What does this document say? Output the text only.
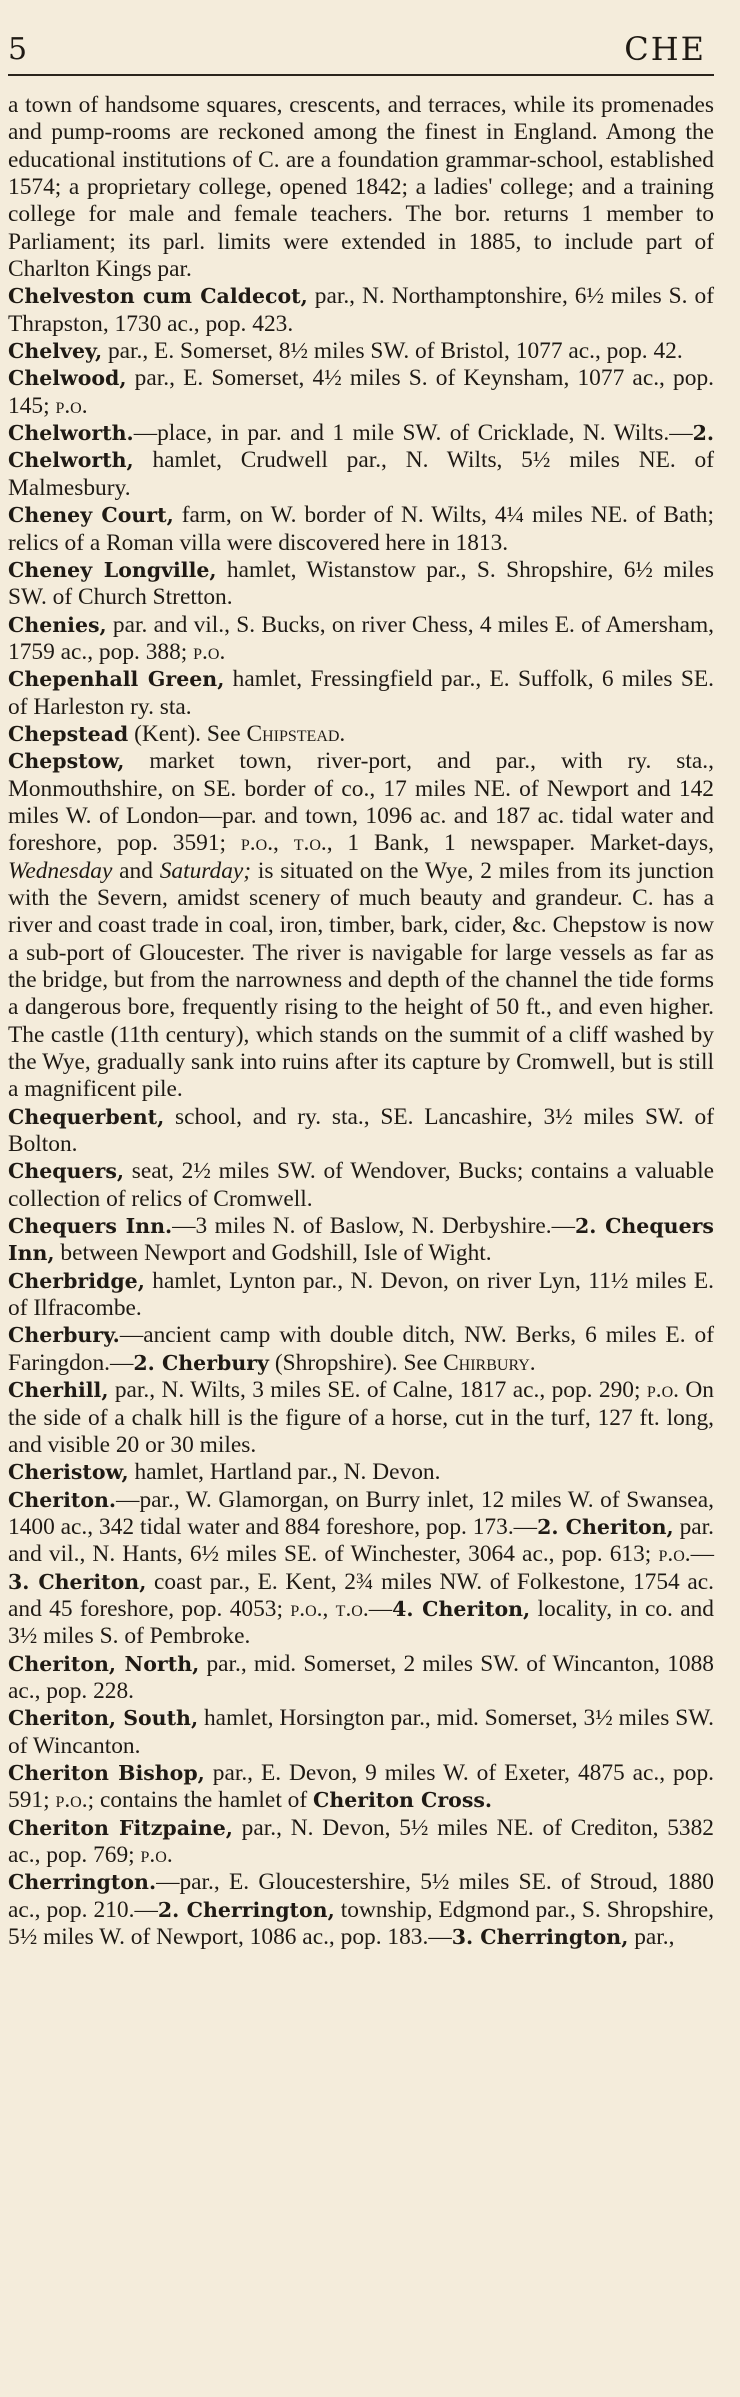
5	CHE

a town of handsome squares, crescents, and terraces, while its promenades and pump-rooms are reckoned among the finest in England. Among the educational institutions of C. are a foundation grammar-school, established 1574; a proprietary college, opened 1842; a ladies' college; and a training college for male and female teachers. The bor. returns 1 member to Parliament; its parl. limits were extended in 1885, to include part of Charlton Kings par.

Chelveston cum Caldecot, par., N. Northamptonshire, 6½ miles S. of Thrapston, 1730 ac., pop. 423.

Chelvey, par., E. Somerset, 8½ miles SW. of Bristol, 1077 ac., pop. 42.

Chelwood, par., E. Somerset, 4½ miles S. of Keynsham, 1077 ac., pop. 145; p.o.

Chelworth.—place, in par. and 1 mile SW. of Cricklade, N. Wilts.—2. Chelworth, hamlet, Crudwell par., N. Wilts, 5½ miles NE. of Malmesbury.

Cheney Court, farm, on W. border of N. Wilts, 4¼ miles NE. of Bath; relics of a Roman villa were discovered here in 1813.

Cheney Longville, hamlet, Wistanstow par., S. Shropshire, 6½ miles SW. of Church Stretton.

Chenies, par. and vil., S. Bucks, on river Chess, 4 miles E. of Amersham, 1759 ac., pop. 388; p.o.

Chepenhall Green, hamlet, Fressingfield par., E. Suffolk, 6 miles SE. of Harleston ry. sta.

Chepstead (Kent). See Chipstead.

Chepstow, market town, river-port, and par., with ry. sta., Monmouthshire, on SE. border of co., 17 miles NE. of Newport and 142 miles W. of London—par. and town, 1096 ac. and 187 ac. tidal water and foreshore, pop. 3591; p.o., t.o., 1 Bank, 1 newspaper. Market-days, Wednesday and Saturday; is situated on the Wye, 2 miles from its junction with the Severn, amidst scenery of much beauty and grandeur. C. has a river and coast trade in coal, iron, timber, bark, cider, &c. Chepstow is now a sub-port of Gloucester. The river is navigable for large vessels as far as the bridge, but from the narrowness and depth of the channel the tide forms a dangerous bore, frequently rising to the height of 50 ft., and even higher. The castle (11th century), which stands on the summit of a cliff washed by the Wye, gradually sank into ruins after its capture by Cromwell, but is still a magnificent pile.

Chequerbent, school, and ry. sta., SE. Lancashire, 3½ miles SW. of Bolton.

Chequers, seat, 2½ miles SW. of Wendover, Bucks; contains a valuable collection of relics of Cromwell.

Chequers Inn.—3 miles N. of Baslow, N. Derbyshire.—2. Chequers Inn, between Newport and Godshill, Isle of Wight.

Cherbridge, hamlet, Lynton par., N. Devon, on river Lyn, 11½ miles E. of Ilfracombe.

Cherbury.—ancient camp with double ditch, NW. Berks, 6 miles E. of Faringdon.—2. Cherbury (Shropshire). See Chirbury.

Cherhill, par., N. Wilts, 3 miles SE. of Calne, 1817 ac., pop. 290; p.o. On the side of a chalk hill is the figure of a horse, cut in the turf, 127 ft. long, and visible 20 or 30 miles.

Cheristow, hamlet, Hartland par., N. Devon.

Cheriton.—par., W. Glamorgan, on Burry inlet, 12 miles W. of Swansea, 1400 ac., 342 tidal water and 884 foreshore, pop. 173.—2. Cheriton, par. and vil., N. Hants, 6½ miles SE. of Winchester, 3064 ac., pop. 613; p.o.—3. Cheriton, coast par., E. Kent, 2¾ miles NW. of Folkestone, 1754 ac. and 45 foreshore, pop. 4053; p.o., t.o.—4. Cheriton, locality, in co. and 3½ miles S. of Pembroke.

Cheriton, North, par., mid. Somerset, 2 miles SW. of Wincanton, 1088 ac., pop. 228.

Cheriton, South, hamlet, Horsington par., mid. Somerset, 3½ miles SW. of Wincanton.

Cheriton Bishop, par., E. Devon, 9 miles W. of Exeter, 4875 ac., pop. 591; p.o.; contains the hamlet of Cheriton Cross.

Cheriton Fitzpaine, par., N. Devon, 5½ miles NE. of Crediton, 5382 ac., pop. 769; p.o.

Cherrington.—par., E. Gloucestershire, 5½ miles SE. of Stroud, 1880 ac., pop. 210.—2. Cherrington, township, Edgmond par., S. Shropshire, 5½ miles W. of Newport, 1086 ac., pop. 183.—3. Cherrington, par.,
